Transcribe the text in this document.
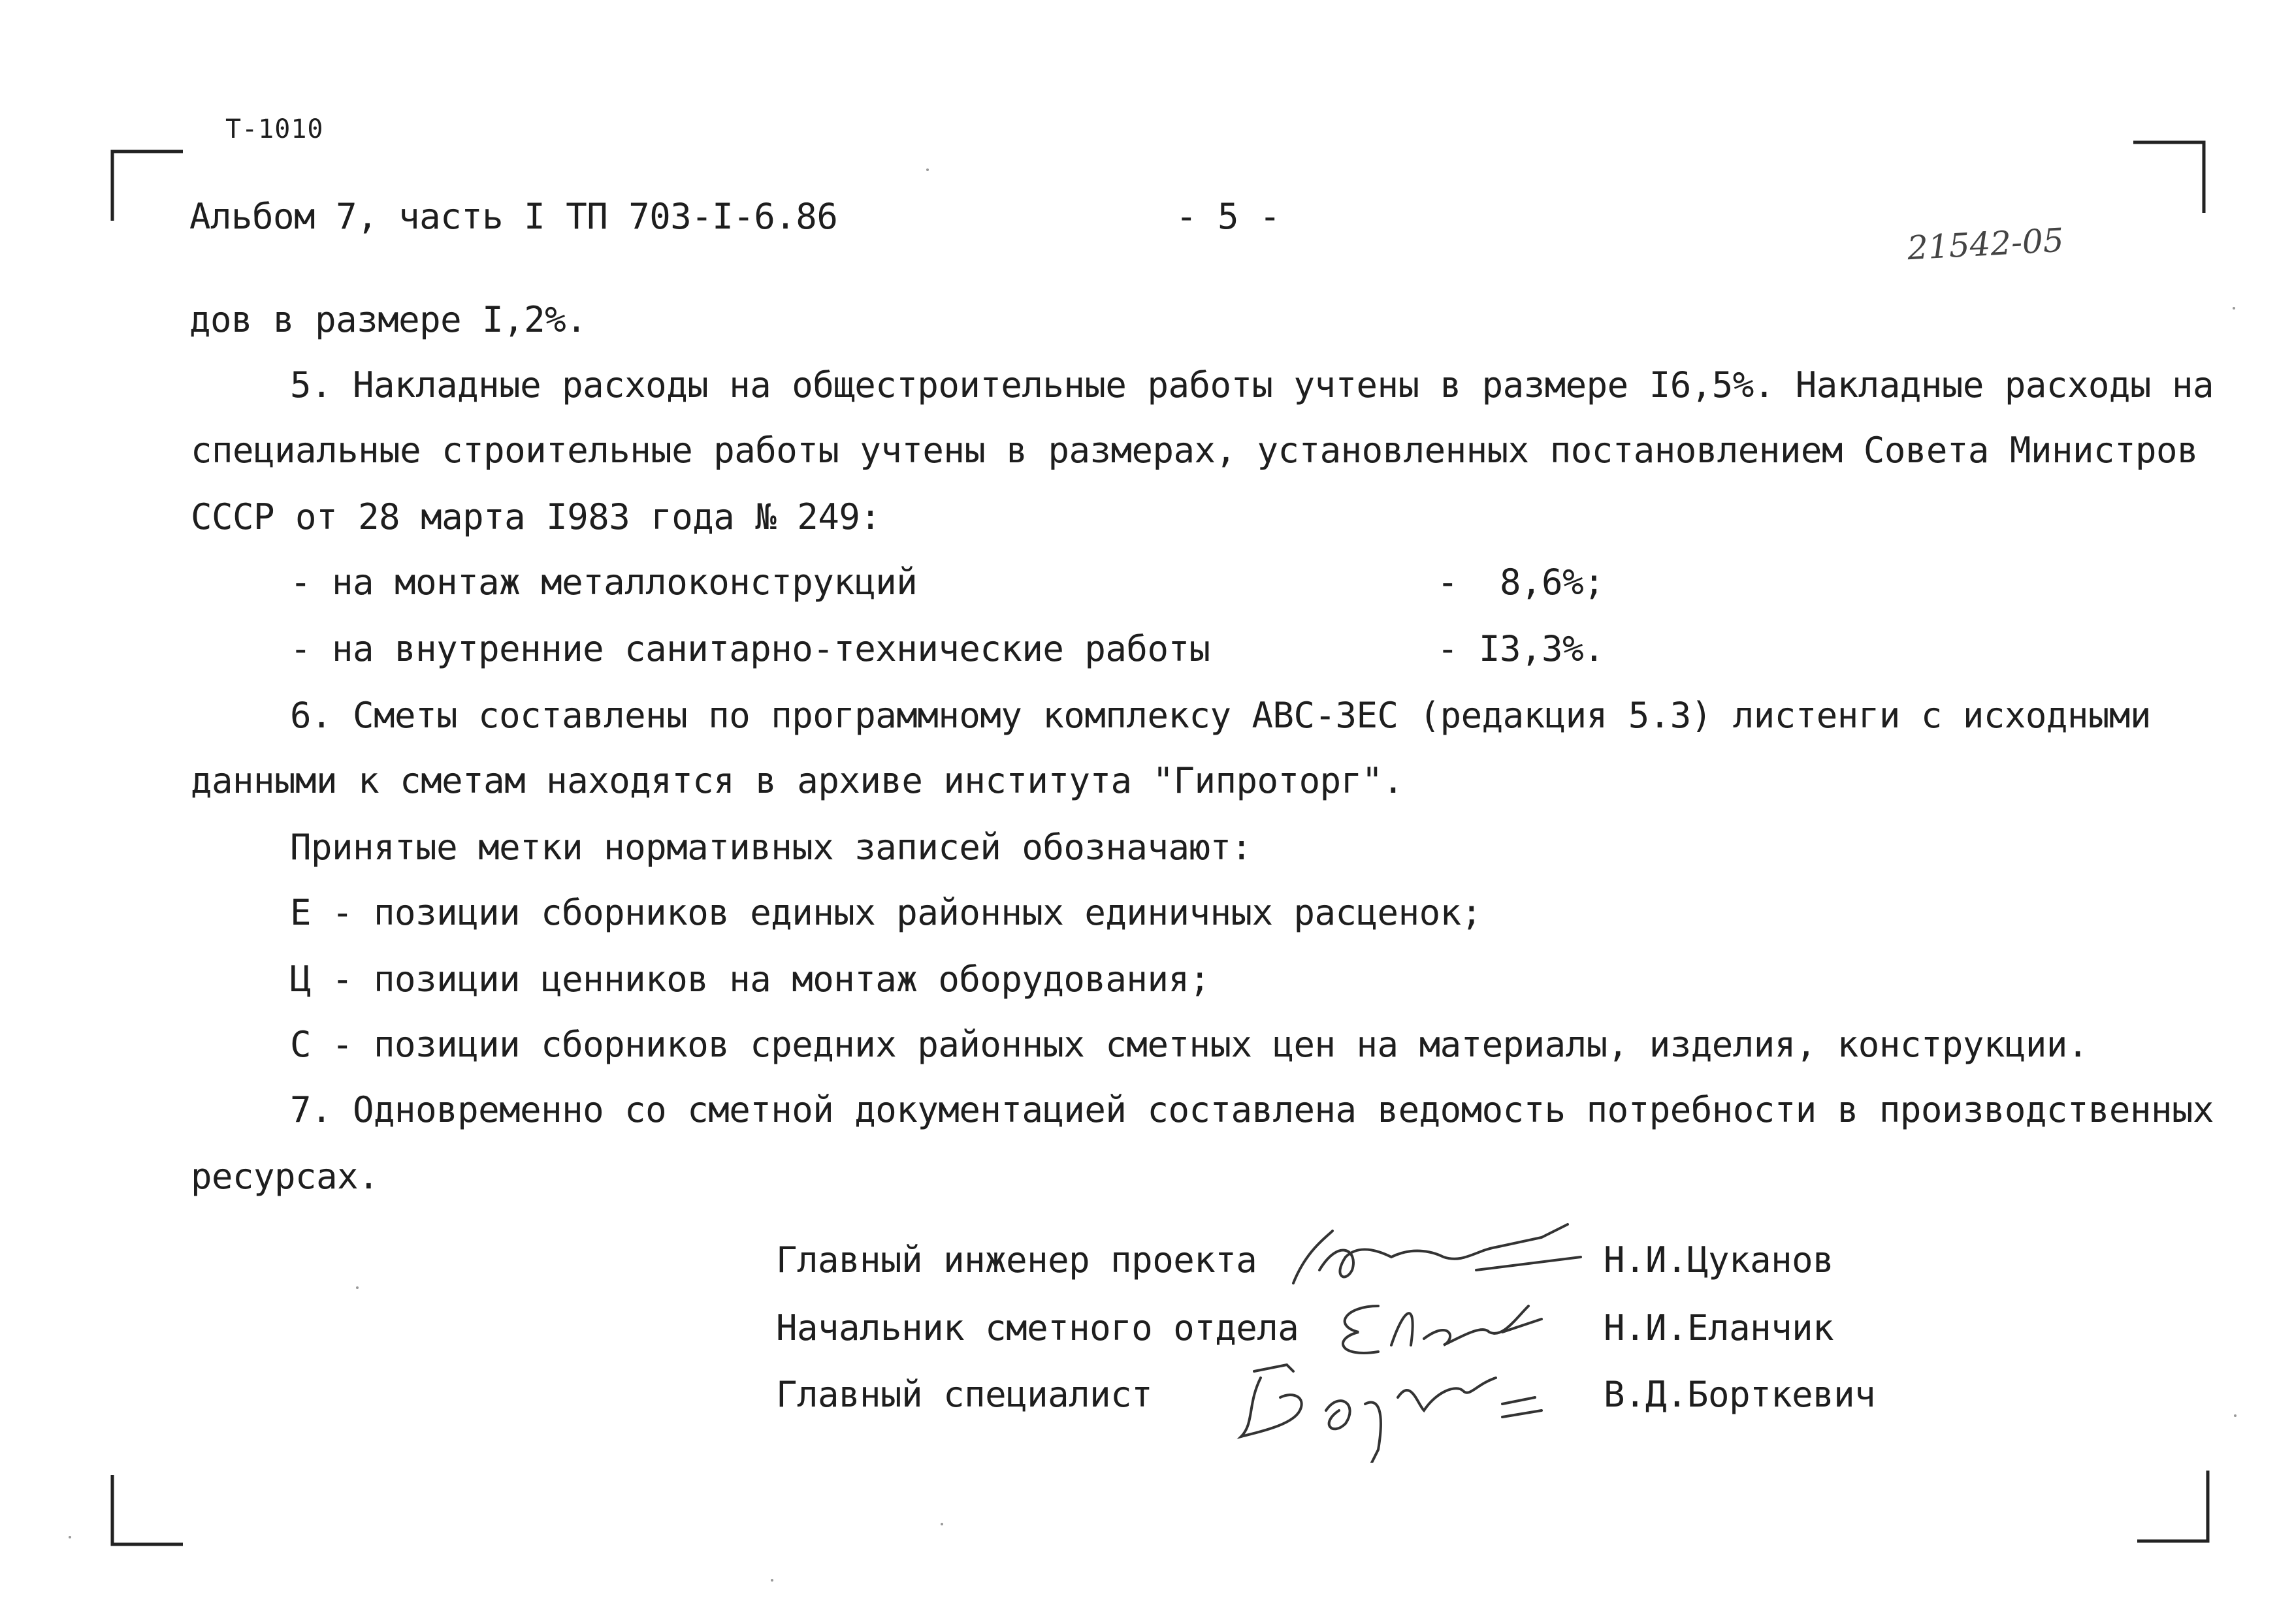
Т-1010
Альбом 7, часть I ТП 703-I-6.86	- 5 -
21542-05
дов в размере I,2%.
5. Накладные расходы на общестроительные работы учтены в размере I6,5%. Накладные расходы на
специальные строительные работы учтены в размерах, установленных постановлением Совета Министров
СССР от 28 марта I983 года № 249:
- на монтаж металлоконструкций	-  8,6%;
- на внутренние санитарно-технические работы	- I3,3%.
6. Сметы составлены по программному комплексу АВС-ЗЕС (редакция 5.3) листенги с исходными
данными к сметам находятся в архиве института "Гипроторг".
Принятые метки нормативных записей обозначают:
Е - позиции сборников единых районных единичных расценок;
Ц - позиции ценников на монтаж оборудования;
С - позиции сборников средних районных сметных цен на материалы, изделия, конструкции.
7. Одновременно со сметной документацией составлена ведомость потребности в производственных
ресурсах.
Главный инженер проекта	Н.И.Цуканов
Начальник сметного отдела	Н.И.Еланчик
Главный специалист	В.Д.Борткевич
